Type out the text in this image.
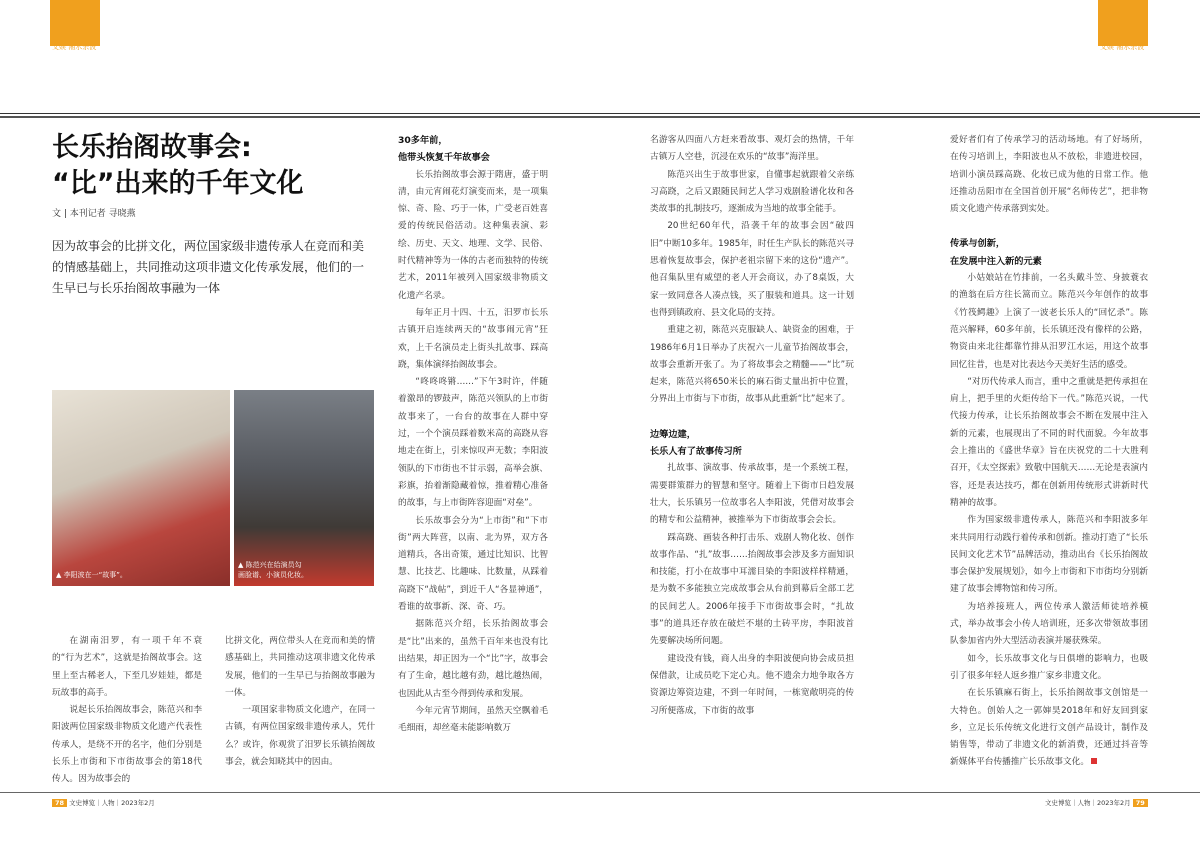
文娱 湘水余波	文娱 湘水余波
长乐抬阁故事会:
“比”出来的千年文化
文 | 本刊记者 寻晓燕
因为故事会的比拼文化，两位国家级非遗传承人在竞而和美的情感基础上，共同推动这项非遗文化传承发展，他们的一生早已与长乐抬阁故事融为一体
▲ 李阳波在一“故事”。
▲ 陈范兴在给演员勾画脸谱、小演员化妆。

在湖南汨罗，有一项千年不衰的“行为艺术”，这就是抬阁故事会。这里上至古稀老人，下至几岁娃娃，都是玩故事的高手。

说起长乐抬阁故事会，陈范兴和李阳波两位国家级非物质文化遗产代表性传承人，是绕不开的名字，他们分别是长乐上市街和下市街故事会的第18代传人。因为故事会的

比拼文化，两位带头人在竞而和美的情感基础上，共同推动这项非遗文化传承发展，他们的一生早已与抬阁故事融为一体。

一项国家非物质文化遗产，在同一古镇，有两位国家级非遗传承人，凭什么？或许，你观赏了汨罗长乐镇抬阁故事会，就会知晓其中的因由。

30多年前，
他带头恢复千年故事会

长乐抬阁故事会源于隋唐，盛于明清，由元宵闹花灯演变而来，是一项集惊、奇、险、巧于一体，广受老百姓喜爱的传统民俗活动。这种集表演、彩绘、历史、天文、地理、文学、民俗、时代精神等为一体的古老而独特的传统艺术，2011年被列入国家级非物质文化遗产名录。

每年正月十四、十五，汨罗市长乐古镇开启连续两天的“故事闹元宵”狂欢，上千名演员走上街头扎故事、踩高跷，集体演绎抬阁故事会。

“咚咚咚锵……”下午3时许，伴随着激昂的锣鼓声，陈范兴领队的上市街故事来了，一台台的故事在人群中穿过，一个个演员踩着数米高的高跷从容地走在街上，引来惊叹声无数；李阳波领队的下市街也不甘示弱，高举会旗、彩旗，抬着渐隐藏着惊，推着精心准备的故事，与上市街阵容迎面“对垒”。

长乐故事会分为“上市街”和“下市街”两大阵营，以南、北为界，双方各道精兵，各出奇策，通过比知识、比智慧、比技艺、比趣味、比数量，从踩着高跷下“战帖”，到近千人“各显神通”，看谁的故事新、深、奇、巧。

据陈范兴介绍，长乐抬阁故事会是“比”出来的，虽然千百年来也没有比出结果，却正因为一个“比”字，故事会有了生命，越比越有劲，越比越热闹，也因此从古至今得到传承和发展。

今年元宵节期间，虽然天空飘着毛毛细雨，却丝毫未能影响数万

名游客从四面八方赶来看故事、观灯会的热情，千年古镇万人空巷，沉浸在欢乐的“故事”海洋里。

陈范兴出生于故事世家，自懂事起就跟着父亲练习高跷，之后又跟随民间艺人学习戏剧脸谱化妆和各类故事的扎制技巧，逐渐成为当地的故事全能手。

20世纪60年代，沿袭千年的故事会因“破四旧”中断10多年。1985年，时任生产队长的陈范兴寻思着恢复故事会，保护老祖宗留下来的这份“遗产”。他召集队里有威望的老人开会商议，办了8桌饭，大家一致同意各人凑点钱，买了服装和道具。这一计划也得到镇政府、县文化局的支持。

重建之初，陈范兴克服缺人、缺资金的困难，于1986年6月1日举办了庆祝六一儿童节抬阁故事会，故事会重新开张了。为了将故事会之精髓——“比”玩起来，陈范兴将650米长的麻石街丈量出折中位置，分界出上市街与下市街，故事从此重新“比”起来了。

边筹边建，
长乐人有了故事传习所

扎故事、演故事、传承故事，是一个系统工程，需要群策群力的智慧和坚守。随着上下街市日趋发展壮大，长乐镇另一位故事名人李阳波，凭借对故事会的精专和公益精神，被推举为下市街故事会会长。

踩高跷、画装各种打击乐、戏剧人物化妆、创作故事作品、“扎”故事……抬阁故事会涉及多方面知识和技能，打小在故事中耳濡目染的李阳波样样精通，是为数不多能独立完成故事会从台前到幕后全部工艺的民间艺人。2006年接手下市街故事会时，“扎故事”的道具还存放在破烂不堪的土砖平房，李阳波首先要解决场所问题。

建设没有钱，商人出身的李阳波便向协会成员担保借款，让成员吃下定心丸。他不遗余力地争取各方资源边筹资边建，不到一年时间，一栋宽敞明亮的传习所便落成，下市街的故事

爱好者们有了传承学习的活动场地。有了好场所，在传习培训上，李阳波也从不放松，非遗进校园，培训小演员踩高跷、化妆已成为他的日常工作。他还推动岳阳市在全国首创开展“名师传艺”，把非物质文化遗产传承落到实处。

传承与创新，
在发展中注入新的元素

小姑娘站在竹排前，一名头戴斗笠、身披蓑衣的渔翁在后方往长篙而立。陈范兴今年创作的故事《竹筏鳄趣》上演了一波老长乐人的“回忆杀”。陈范兴解释，60多年前，长乐镇还没有像样的公路，物资由来北往都靠竹排从汨罗江水运，用这个故事回忆往昔，也是对比表达今天美好生活的感受。

“对历代传承人而言，重中之重就是把传承担在肩上，把手里的火炬传给下一代。”陈范兴说，一代代接力传承，让长乐抬阁故事会不断在发展中注入新的元素，也展现出了不同的时代面貌。今年故事会上推出的《盛世华章》旨在庆祝党的二十大胜利召开，《太空探索》致敬中国航天……无论是表演内容，还是表达技巧，都在创新用传统形式讲新时代精神的故事。

作为国家级非遗传承人，陈范兴和李阳波多年来共同用行动践行着传承和创新。推动打造了“长乐民间文化艺术节”品牌活动，推动出台《长乐抬阁故事会保护发展规划》，如今上市街和下市街均分别新建了故事会博物馆和传习所。

为培养接班人，两位传承人激活师徒培养模式，举办故事会小传人培训班，还多次带领故事团队参加省内外大型活动表演并屡获殊荣。

如今，长乐故事文化与日俱增的影响力，也吸引了很多年轻人返乡推广家乡非遗文化。

在长乐镇麻石街上，长乐抬阁故事文创馆是一大特色。创始人之一郭婶昊2018年和好友回到家乡，立足长乐传统文化进行文创产品设计，制作及销售等，带动了非遗文化的新消费，还通过抖音等新媒体平台传播推广长乐故事文化。

78 文史博览｜人物｜2023年2月	文史博览｜人物｜2023年2月 79
